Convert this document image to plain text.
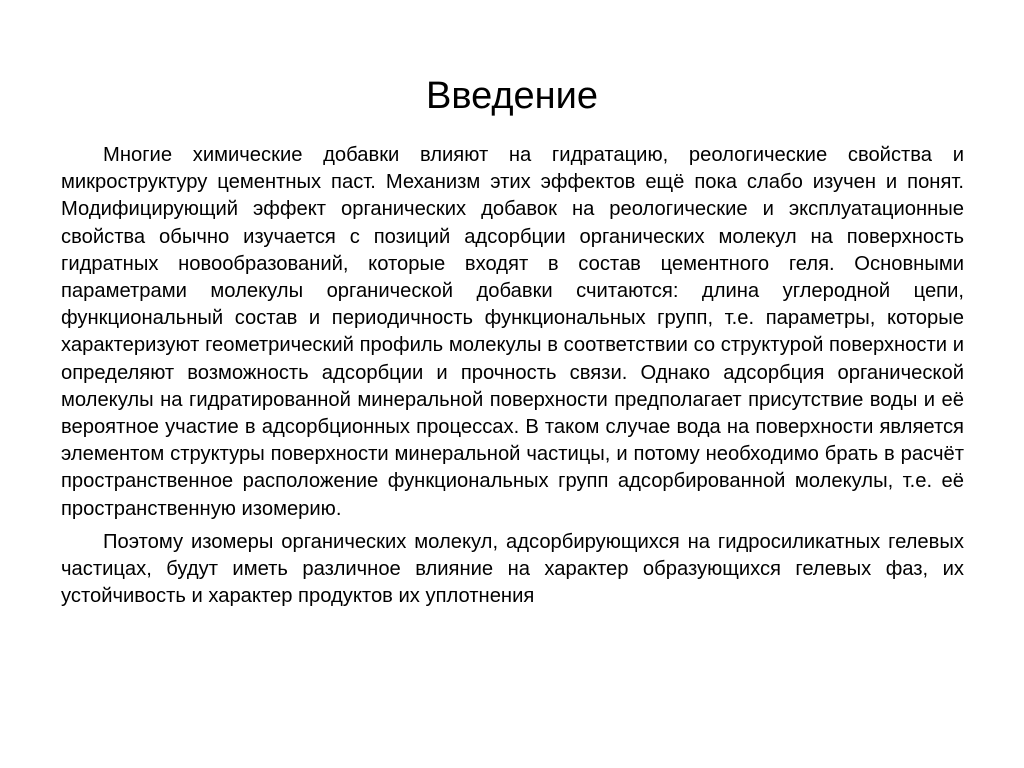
Введение

Многие химические добавки влияют на гидратацию, реологические свойства и микроструктуру цементных паст. Механизм этих эффектов ещё пока слабо изучен и понят. Модифицирующий эффект органических добавок на реологические и эксплуатационные свойства обычно изучается с позиций адсорбции органических молекул на поверхность гидратных новообразований, которые входят в состав цементного геля. Основными параметрами молекулы органической добавки считаются: длина углеродной цепи, функциональный состав и периодичность функциональных групп, т.е. параметры, которые характеризуют геометрический профиль молекулы в соответствии со структурой поверхности и определяют возможность адсорбции и прочность связи. Однако адсорбция органической молекулы на гидратированной минеральной поверхности предполагает присутствие воды и её вероятное участие в адсорбционных процессах. В таком случае вода на поверхности является элементом структуры поверхности минеральной частицы, и потому необходимо брать в расчёт пространственное расположение функциональных групп адсорбированной молекулы, т.е. её пространственную изомерию.

Поэтому изомеры органических молекул, адсорбирующихся на гидросиликатных гелевых частицах, будут иметь различное влияние на характер образующихся гелевых фаз, их устойчивость и характер продуктов их уплотнения
